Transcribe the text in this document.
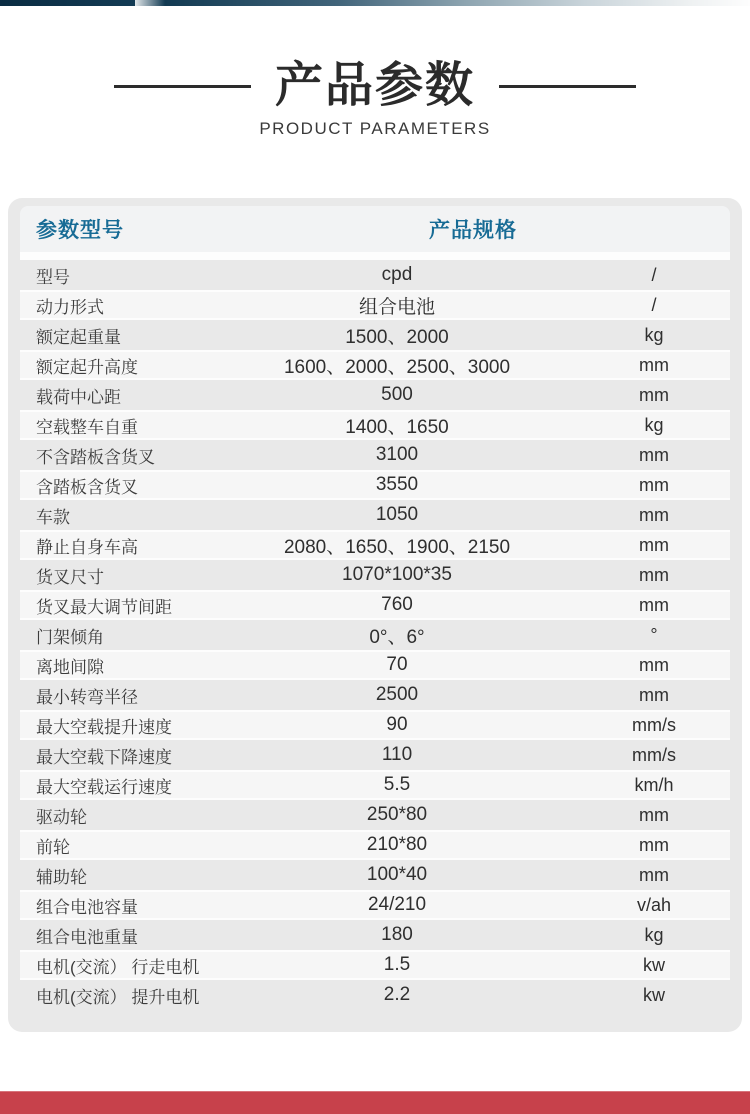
产品参数
PRODUCT PARAMETERS
参数型号	产品规格
型号	cpd	/
动力形式	组合电池	/
额定起重量	1500、2000	kg
额定起升高度	1600、2000、2500、3000	mm
载荷中心距	500	mm
空载整车自重	1400、1650	kg
不含踏板含货叉	3100	mm
含踏板含货叉	3550	mm
车款	1050	mm
静止自身车高	2080、1650、1900、2150	mm
货叉尺寸	1070*100*35	mm
货叉最大调节间距	760	mm
门架倾角	0°、6°	°
离地间隙	70	mm
最小转弯半径	2500	mm
最大空载提升速度	90	mm/s
最大空载下降速度	110	mm/s
最大空载运行速度	5.5	km/h
驱动轮	250*80	mm
前轮	210*80	mm
辅助轮	100*40	mm
组合电池容量	24/210	v/ah
组合电池重量	180	kg
电机(交流） 行走电机	1.5	kw
电机(交流） 提升电机	2.2	kw
